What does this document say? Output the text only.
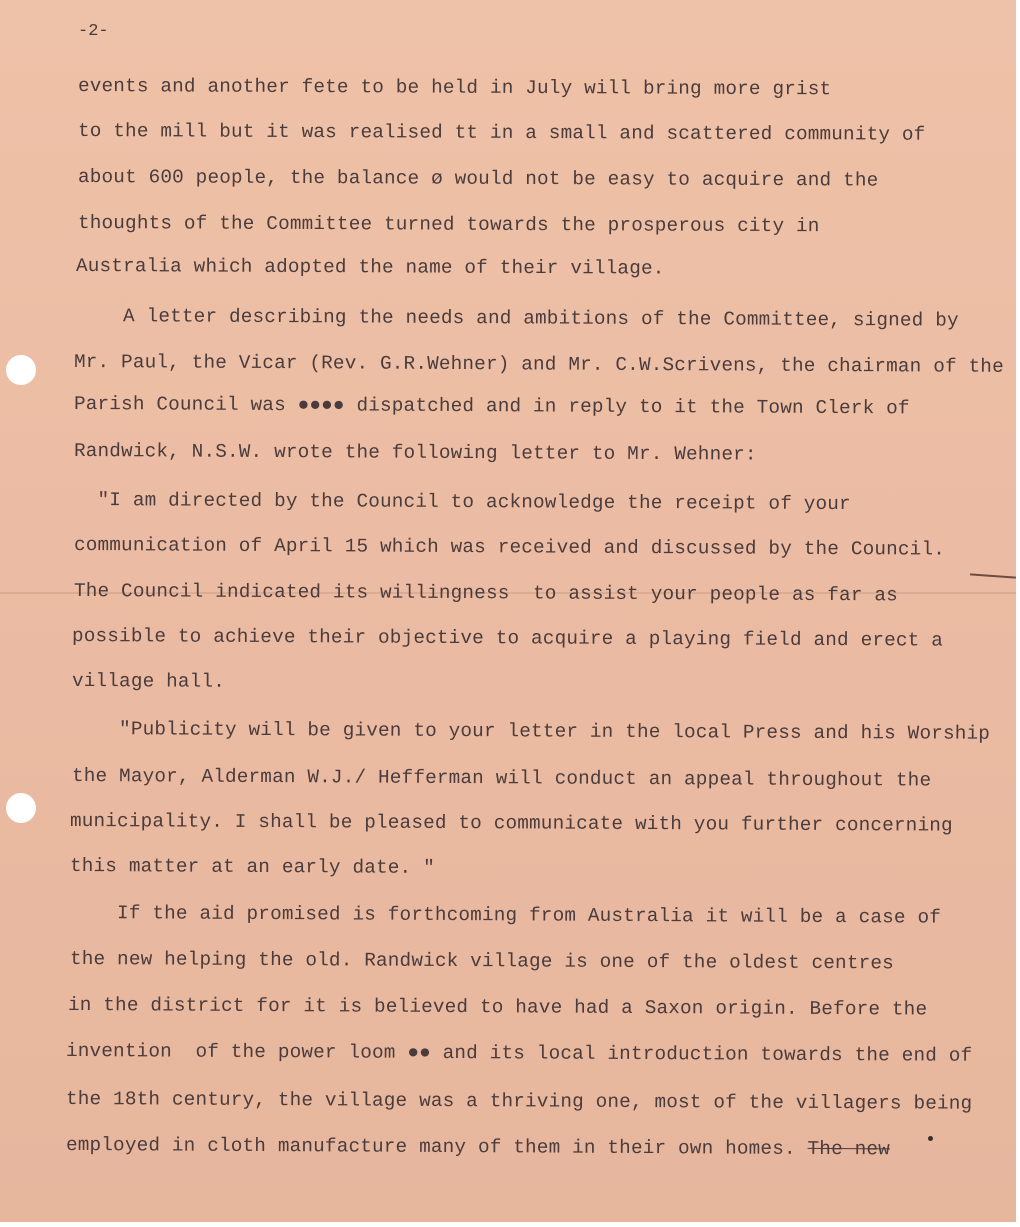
-2-
events and another fete to be held in July will bring more grist
to the mill but it was realised tt in a small and scattered community of
about 600 people, the balance ø would not be easy to acquire and the
thoughts of the Committee turned towards the prosperous city in
Australia which adopted the name of their village.
A letter describing the needs and ambitions of the Committee, signed by
Mr. Paul, the Vicar (Rev. G.R.Wehner) and Mr. C.W.Scrivens, the chairman of the
Parish Council was ●●●● dispatched and in reply to it the Town Clerk of
Randwick, N.S.W. wrote the following letter to Mr. Wehner:
"I am directed by the Council to acknowledge the receipt of your
communication of April 15 which was received and discussed by the Council.
The Council indicated its willingness  to assist your people as far as
possible to achieve their objective to acquire a playing field and erect a
village hall.
"Publicity will be given to your letter in the local Press and his Worship
the Mayor, Alderman W.J./ Hefferman will conduct an appeal throughout the
municipality. I shall be pleased to communicate with you further concerning
this matter at an early date. "
If the aid promised is forthcoming from Australia it will be a case of
the new helping the old. Randwick village is one of the oldest centres
in the district for it is believed to have had a Saxon origin. Before the
invention  of the power loom ●● and its local introduction towards the end of
the 18th century, the village was a thriving one, most of the villagers being
employed in cloth manufacture many of them in their own homes. The new
